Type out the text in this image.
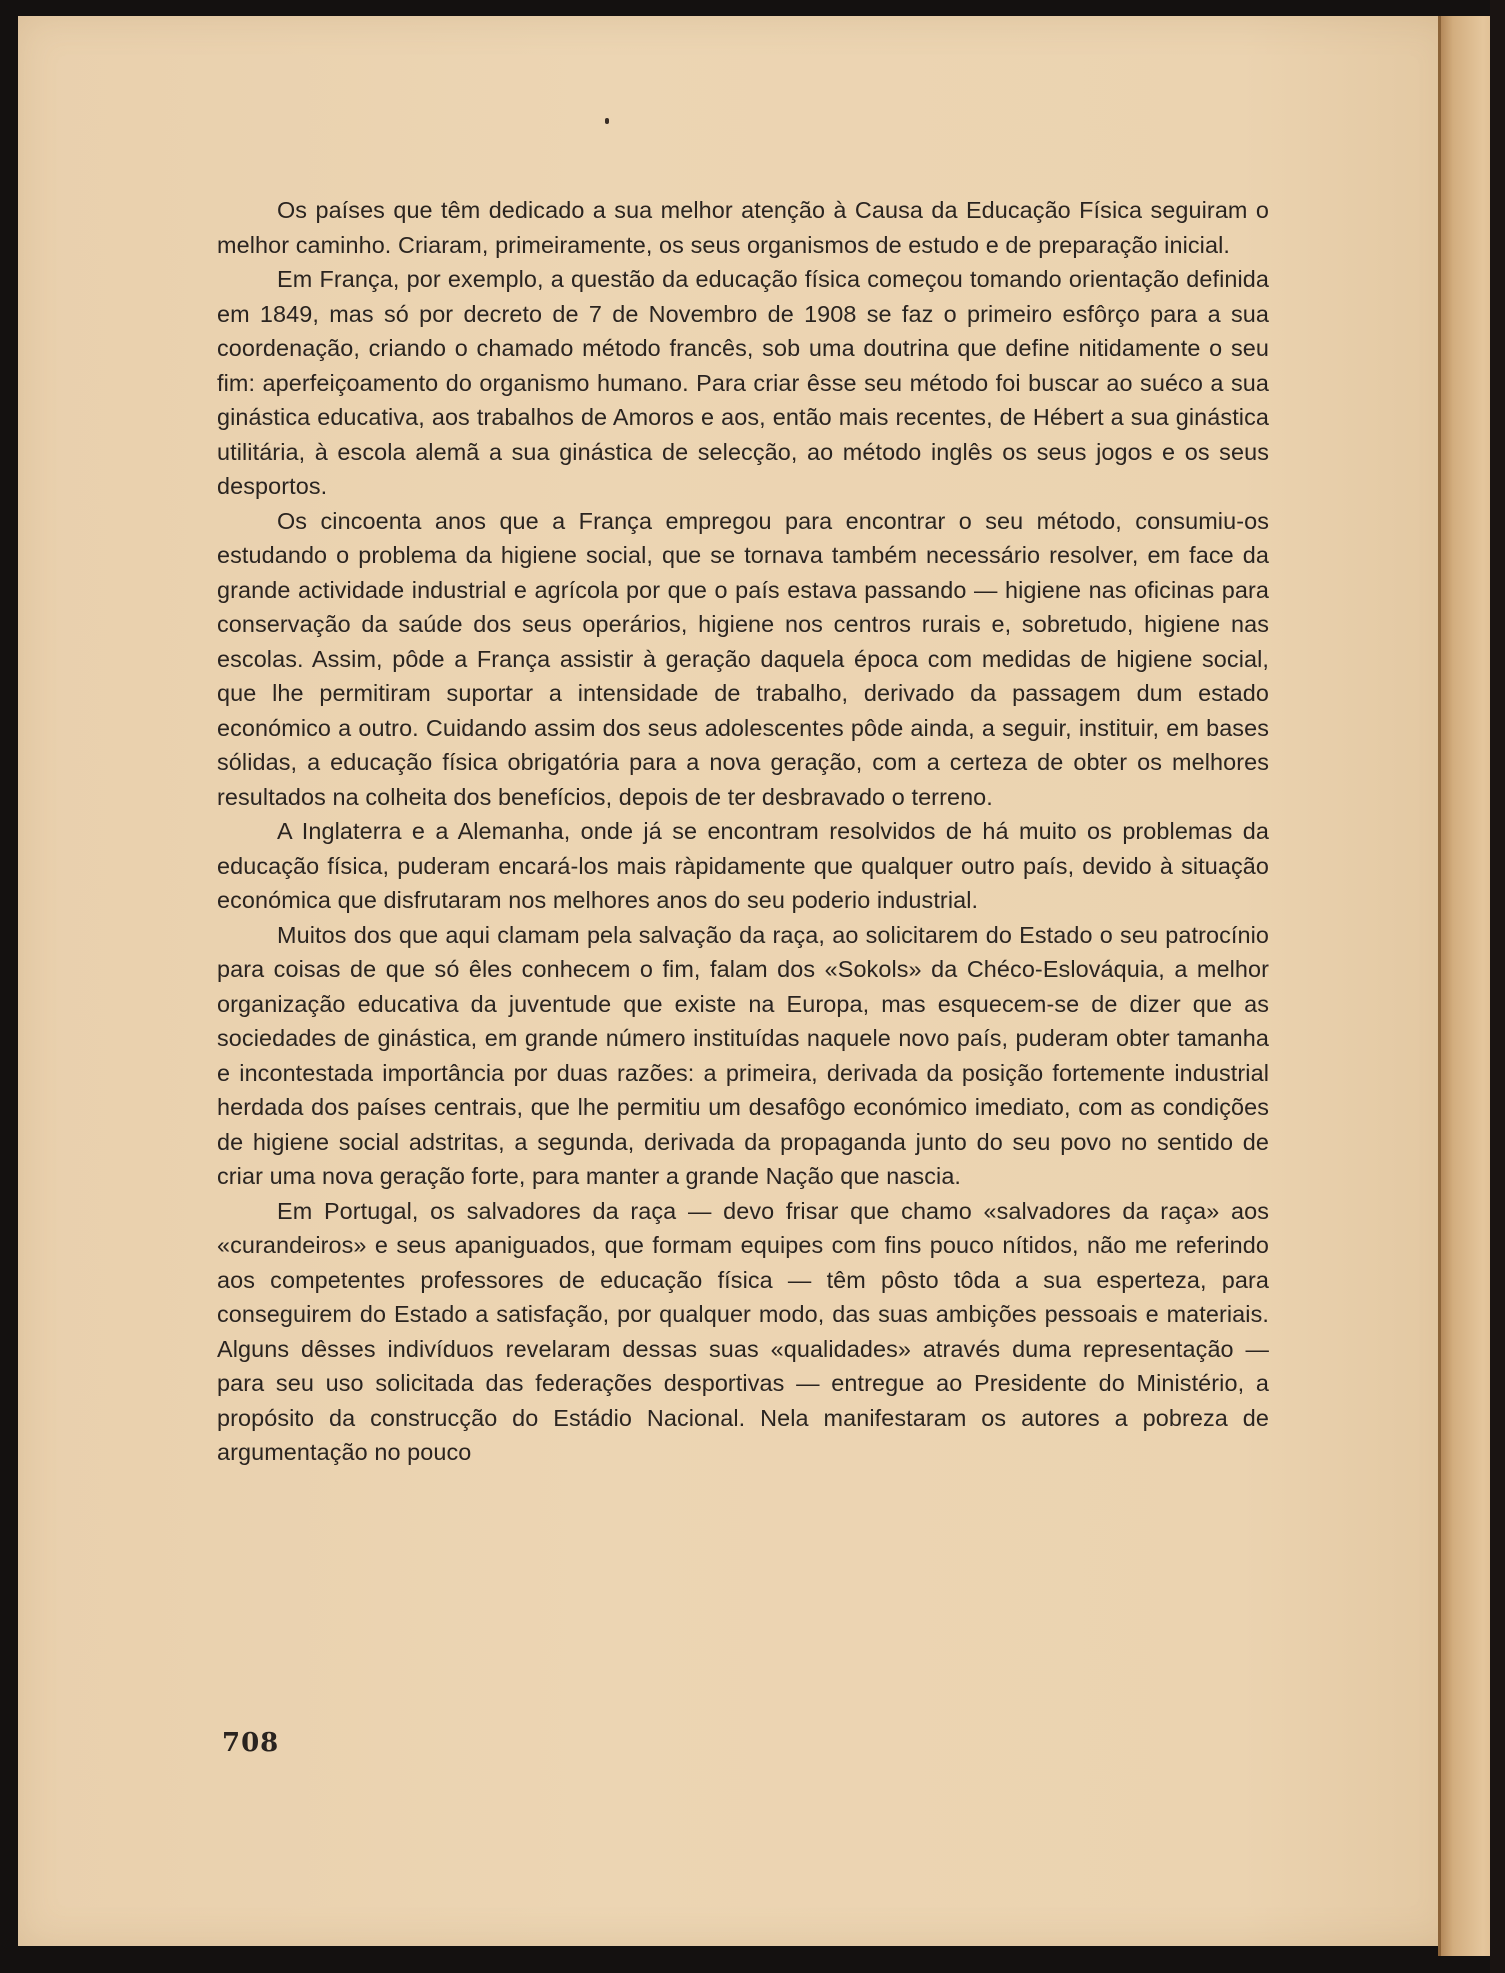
Os países que têm dedicado a sua melhor atenção à Causa da Educação Física seguiram o melhor caminho. Criaram, primeiramente, os seus organismos de estudo e de preparação inicial.

Em França, por exemplo, a questão da educação física começou tomando orientação definida em 1849, mas só por decreto de 7 de Novembro de 1908 se faz o primeiro esfôrço para a sua coordenação, criando o chamado método francês, sob uma doutrina que define nitidamente o seu fim: aperfeiçoamento do organismo humano. Para criar êsse seu método foi buscar ao suéco a sua ginástica educativa, aos trabalhos de Amoros e aos, então mais recentes, de Hébert a sua ginástica utilitária, à escola alemã a sua ginástica de selecção, ao método inglês os seus jogos e os seus desportos.

Os cincoenta anos que a França empregou para encontrar o seu método, consumiu-os estudando o problema da higiene social, que se tornava também necessário resolver, em face da grande actividade industrial e agrícola por que o país estava passando — higiene nas oficinas para conservação da saúde dos seus operários, higiene nos centros rurais e, sobretudo, higiene nas escolas. Assim, pôde a França assistir à geração daquela época com medidas de higiene social, que lhe permitiram suportar a intensidade de trabalho, derivado da passagem dum estado económico a outro. Cuidando assim dos seus adolescentes pôde ainda, a seguir, instituir, em bases sólidas, a educação física obrigatória para a nova geração, com a certeza de obter os melhores resultados na colheita dos benefícios, depois de ter desbravado o terreno.

A Inglaterra e a Alemanha, onde já se encontram resolvidos de há muito os problemas da educação física, puderam encará-los mais ràpidamente que qualquer outro país, devido à situação económica que disfrutaram nos melhores anos do seu poderio industrial.

Muitos dos que aqui clamam pela salvação da raça, ao solicitarem do Estado o seu patrocínio para coisas de que só êles conhecem o fim, falam dos «Sokols» da Chéco-Eslováquia, a melhor organização educativa da juventude que existe na Europa, mas esquecem-se de dizer que as sociedades de ginástica, em grande número instituídas naquele novo país, puderam obter tamanha e incontestada importância por duas razões: a primeira, derivada da posição fortemente industrial herdada dos países centrais, que lhe permitiu um desafôgo económico imediato, com as condições de higiene social adstritas, a segunda, derivada da propaganda junto do seu povo no sentido de criar uma nova geração forte, para manter a grande Nação que nascia.

Em Portugal, os salvadores da raça — devo frisar que chamo «salvadores da raça» aos «curandeiros» e seus apaniguados, que formam equipes com fins pouco nítidos, não me referindo aos competentes professores de educação física — têm pôsto tôda a sua esperteza, para conseguirem do Estado a satisfação, por qualquer modo, das suas ambições pessoais e materiais. Alguns dêsses indivíduos revelaram dessas suas «qualidades» através duma representação — para seu uso solicitada das federações desportivas — entregue ao Presidente do Ministério, a propósito da construcção do Estádio Nacional. Nela manifestaram os autores a pobreza de argumentação no pouco

708
